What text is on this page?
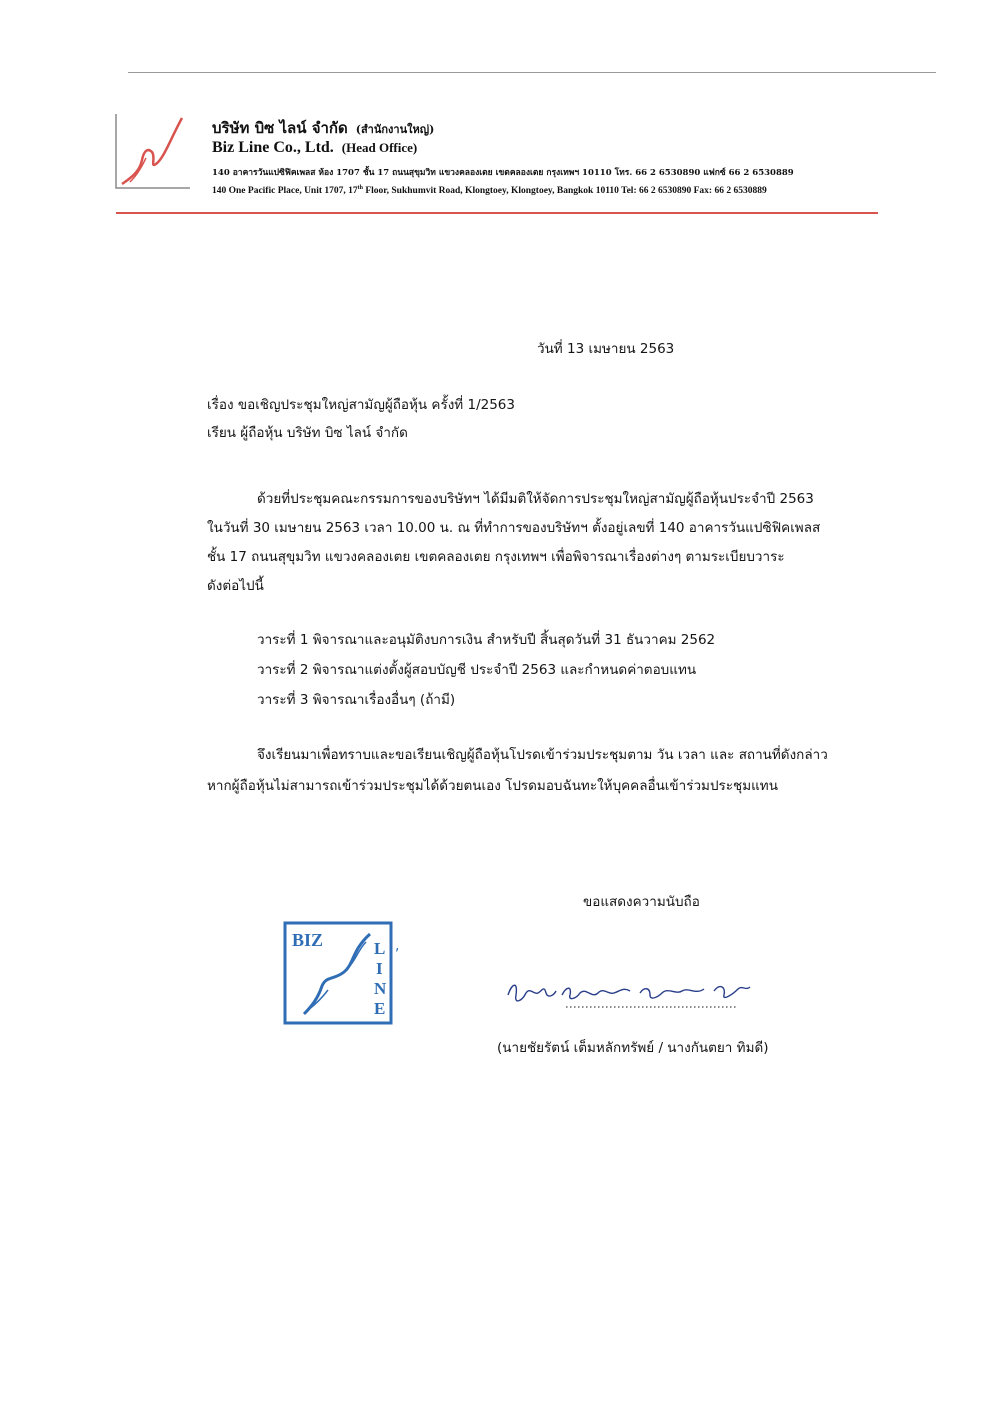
บริษัท บิซ ไลน์ จำกัด (สำนักงานใหญ่)
Biz Line Co., Ltd. (Head Office)
140 อาคารวันแปซิฟิคเพลส ห้อง 1707 ชั้น 17 ถนนสุขุมวิท แขวงคลองเตย เขตคลองเตย กรุงเทพฯ 10110 โทร. 66 2 6530890 แฟกซ์ 66 2 6530889
140 One Pacific Place, Unit 1707, 17th Floor, Sukhumvit Road, Klongtoey, Klongtoey, Bangkok 10110 Tel: 66 2 6530890 Fax: 66 2 6530889
วันที่ 13 เมษายน 2563
เรื่อง ขอเชิญประชุมใหญ่สามัญผู้ถือหุ้น ครั้งที่ 1/2563
เรียน ผู้ถือหุ้น บริษัท บิซ ไลน์ จำกัด
ด้วยที่ประชุมคณะกรรมการของบริษัทฯ ได้มีมติให้จัดการประชุมใหญ่สามัญผู้ถือหุ้นประจำปี 2563
ในวันที่ 30 เมษายน 2563 เวลา 10.00 น. ณ ที่ทำการของบริษัทฯ ตั้งอยู่เลขที่ 140 อาคารวันแปซิฟิคเพลส
ชั้น 17 ถนนสุขุมวิท แขวงคลองเตย เขตคลองเตย กรุงเทพฯ เพื่อพิจารณาเรื่องต่างๆ ตามระเบียบวาระ
ดังต่อไปนี้
วาระที่ 1 พิจารณาและอนุมัติงบการเงิน สำหรับปี สิ้นสุดวันที่ 31 ธันวาคม 2562
วาระที่ 2 พิจารณาแต่งตั้งผู้สอบบัญชี ประจำปี 2563 และกำหนดค่าตอบแทน
วาระที่ 3 พิจารณาเรื่องอื่นๆ (ถ้ามี)
จึงเรียนมาเพื่อทราบและขอเรียนเชิญผู้ถือหุ้นโปรดเข้าร่วมประชุมตาม วัน เวลา และ สถานที่ดังกล่าว
หากผู้ถือหุ้นไม่สามารถเข้าร่วมประชุมได้ด้วยตนเอง โปรดมอบฉันทะให้บุคคลอื่นเข้าร่วมประชุมแทน
ขอแสดงความนับถือ
BIZ	L I N E
,
(นายชัยรัตน์ เต็มหลักทรัพย์ / นางกันตยา ทิมดี)
